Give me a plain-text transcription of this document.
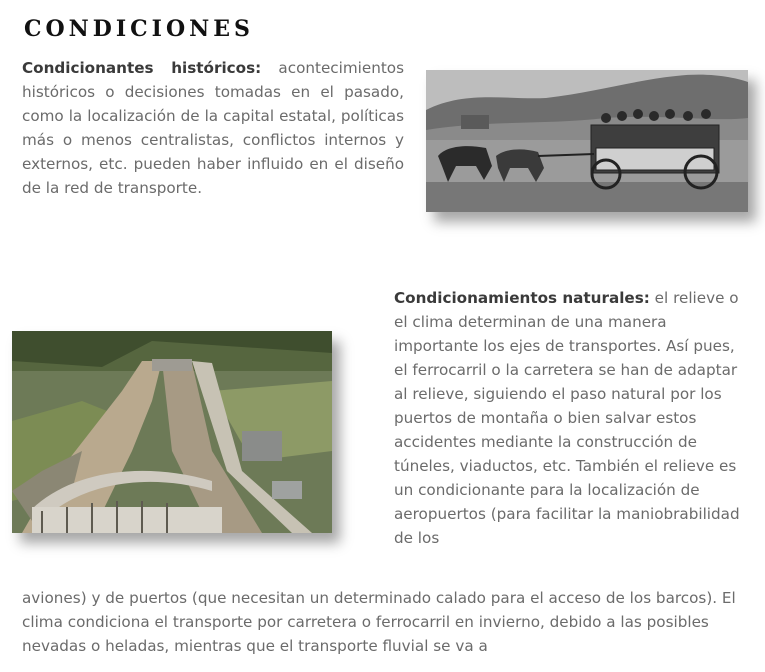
CONDICIONES

Condicionantes históricos: acontecimientos históricos o decisiones tomadas en el pasado, como la localización de la capital estatal, políticas más o menos centralistas, conflictos internos y externos, etc. pueden haber influido en el diseño de la red de transporte.

Condicionamientos naturales: el relieve o el clima determinan de una manera importante los ejes de transportes. Así pues, el ferrocarril o la carretera se han de adaptar al relieve, siguiendo el paso natural por los puertos de montaña o bien salvar estos accidentes mediante la construcción de túneles, viaductos, etc. También el relieve es un condicionante para la localización de aeropuertos (para facilitar la maniobrabilidad de los

aviones) y de puertos (que necesitan un determinado calado para el acceso de los barcos). El clima condiciona el transporte por carretera o ferrocarril en invierno, debido a las posibles nevadas o heladas, mientras que el transporte fluvial se va a
